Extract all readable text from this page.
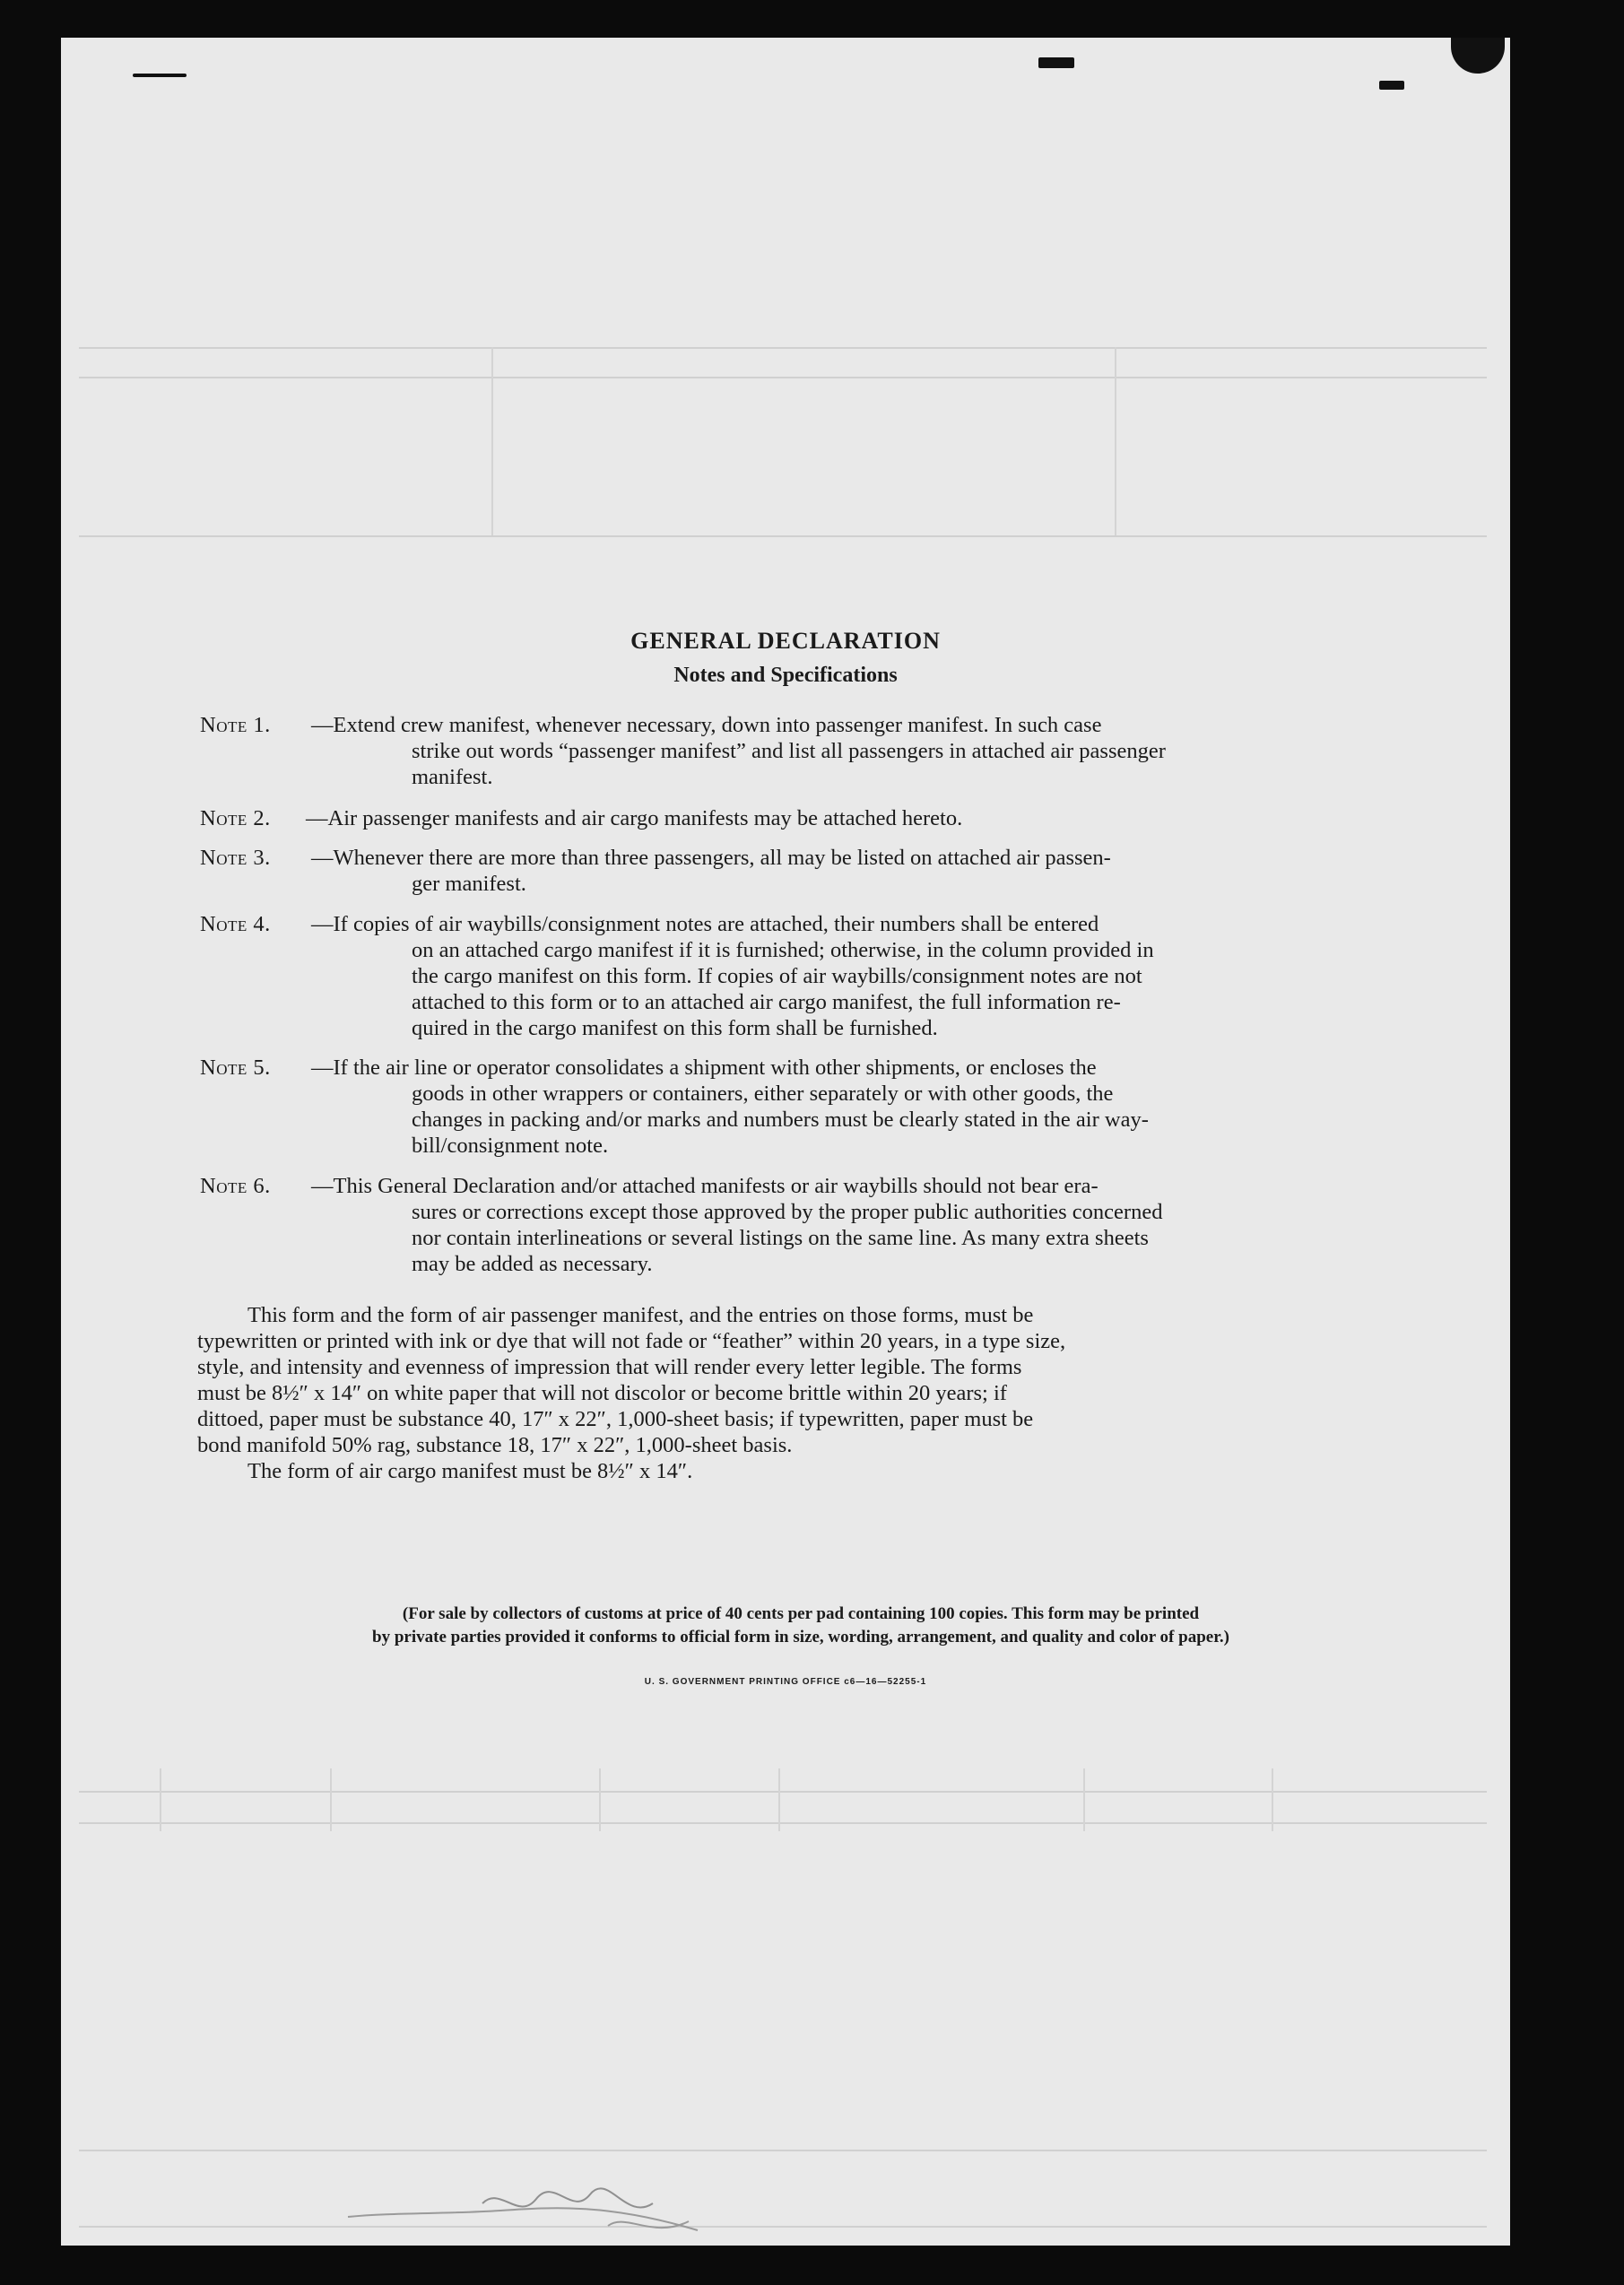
GENERAL DECLARATION
Notes and Specifications
Note 1.	—Extend crew manifest, whenever necessary, down into passenger manifest. In such case

strike out words “passenger manifest” and list all passengers in attached air passenger

manifest.

Note 2.	—Air passenger manifests and air cargo manifests may be attached hereto.

Note 3.	—Whenever there are more than three passengers, all may be listed on attached air passen-

ger manifest.

Note 4.	—If copies of air waybills/consignment notes are attached, their numbers shall be entered

on an attached cargo manifest if it is furnished; otherwise, in the column provided in

the cargo manifest on this form. If copies of air waybills/consignment notes are not

attached to this form or to an attached air cargo manifest, the full information re-

quired in the cargo manifest on this form shall be furnished.

Note 5.	—If the air line or operator consolidates a shipment with other shipments, or encloses the

goods in other wrappers or containers, either separately or with other goods, the

changes in packing and/or marks and numbers must be clearly stated in the air way-

bill/consignment note.

Note 6.	—This General Declaration and/or attached manifests or air waybills should not bear era-

sures or corrections except those approved by the proper public authorities concerned

nor contain interlineations or several listings on the same line. As many extra sheets

may be added as necessary.

This form and the form of air passenger manifest, and the entries on those forms, must be

typewritten or printed with ink or dye that will not fade or “feather” within 20 years, in a type size,

style, and intensity and evenness of impression that will render every letter legible. The forms

must be 8½″ x 14″ on white paper that will not discolor or become brittle within 20 years; if

dittoed, paper must be substance 40, 17″ x 22″, 1,000-sheet basis; if typewritten, paper must be

bond manifold 50% rag, substance 18, 17″ x 22″, 1,000-sheet basis.

The form of air cargo manifest must be 8½″ x 14″.

(For sale by collectors of customs at price of 40 cents per pad containing 100 copies. This form may be printed
by private parties provided it conforms to official form in size, wording, arrangement, and quality and color of paper.)
U. S. GOVERNMENT PRINTING OFFICE c6—16—52255-1
